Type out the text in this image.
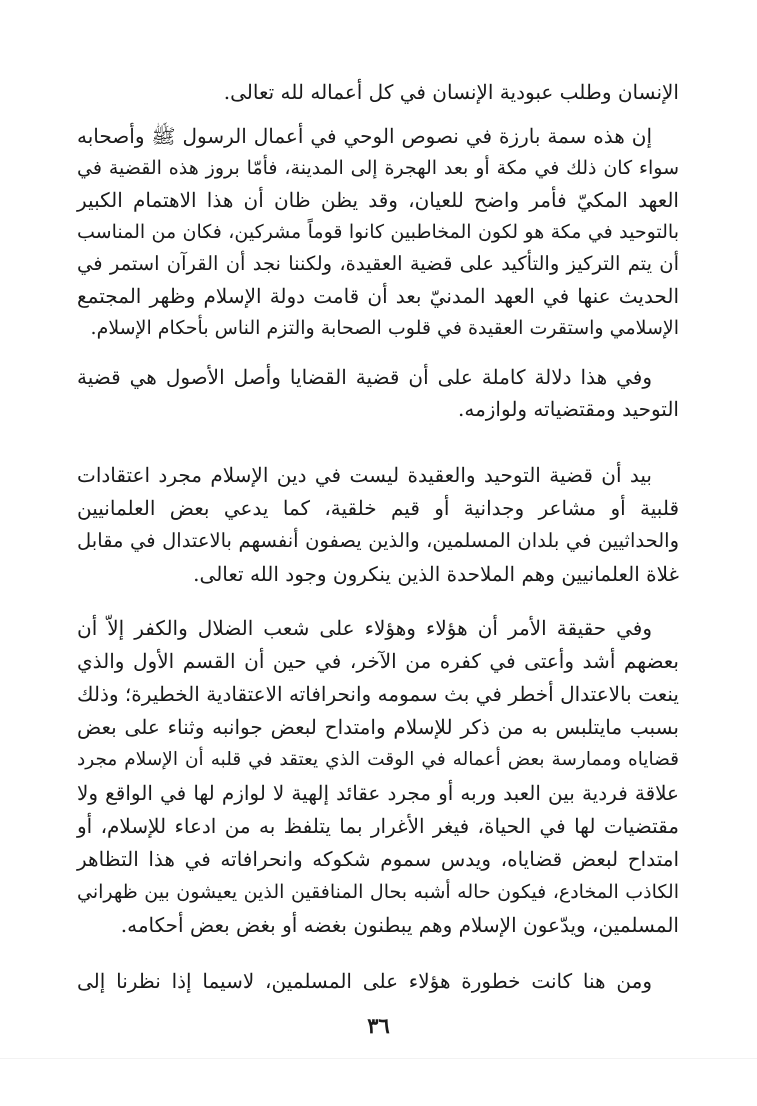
الإنسان وطلب عبودية الإنسان في كل أعماله لله تعالى.
إن هذه سمة بارزة في نصوص الوحي في أعمال الرسول ﷺ وأصحابه
سواء كان ذلك في مكة أو بعد الهجرة إلى المدينة، فأمّا بروز هذه القضية في
العهد المكيّ فأمر واضح للعيان، وقد يظن ظان أن هذا الاهتمام الكبير
بالتوحيد في مكة هو لكون المخاطبين كانوا قوماً مشركين، فكان من المناسب
أن يتم التركيز والتأكيد على قضية العقيدة، ولكننا نجد أن القرآن استمر في
الحديث عنها في العهد المدنيّ بعد أن قامت دولة الإسلام وظهر المجتمع
الإسلامي واستقرت العقيدة في قلوب الصحابة والتزم الناس بأحكام الإسلام.
وفي هذا دلالة كاملة على أن قضية القضايا وأصل الأصول هي قضية
التوحيد ومقتضياته ولوازمه.
بيد أن قضية التوحيد والعقيدة ليست في دين الإسلام مجرد اعتقادات
قلبية أو مشاعر وجدانية أو قيم خلقية، كما يدعي بعض العلمانيين
والحداثيين في بلدان المسلمين، والذين يصفون أنفسهم بالاعتدال في مقابل
غلاة العلمانيين وهم الملاحدة الذين ينكرون وجود الله تعالى.
وفي حقيقة الأمر أن هؤلاء وهؤلاء على شعب الضلال والكفر إلاّ أن
بعضهم أشد وأعتى في كفره من الآخر، في حين أن القسم الأول والذي
ينعت بالاعتدال أخطر في بث سمومه وانحرافاته الاعتقادية الخطيرة؛ وذلك
بسبب مايتلبس به من ذكر للإسلام وامتداح لبعض جوانبه وثناء على بعض
قضاياه وممارسة بعض أعماله في الوقت الذي يعتقد في قلبه أن الإسلام مجرد
علاقة فردية بين العبد وربه أو مجرد عقائد إلهية لا لوازم لها في الواقع ولا
مقتضيات لها في الحياة، فيغر الأغرار بما يتلفظ به من ادعاء للإسلام، أو
امتداح لبعض قضاياه، ويدس سموم شكوكه وانحرافاته في هذا التظاهر
الكاذب المخادع، فيكون حاله أشبه بحال المنافقين الذين يعيشون بين ظهراني
المسلمين، ويدّعون الإسلام وهم يبطنون بغضه أو بغض بعض أحكامه.
ومن هنا كانت خطورة هؤلاء على المسلمين، لاسيما إذا نظرنا إلى
٣٦
